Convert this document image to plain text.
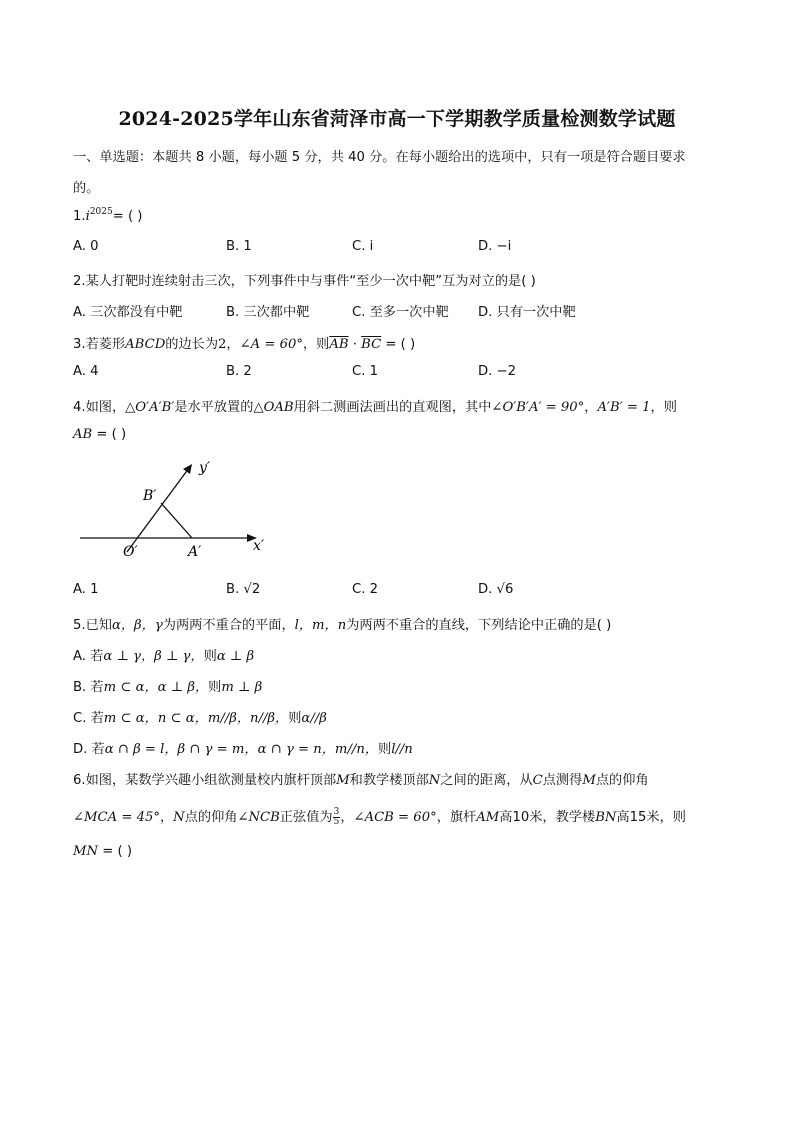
2024-2025学年山东省菏泽市高一下学期教学质量检测数学试题
一、单选题：本题共 8 小题，每小题 5 分，共 40 分。在每小题给出的选项中，只有一项是符合题目要求
的。
$1.i^{2025}=$ ( )
A. 0	B. 1	C. i	D. −i
2.某人打靶时连续射击三次，下列事件中与事件“至少一次中靶”互为对立的是( )
A. 三次都没有中靶	B. 三次都中靶	C. 至多一次中靶 D. 只有一次中靶
3.若菱形ABCD的边长为2，∠A = 60°，则$\overline{AB} \cdot \overline{BC}$ = ( )
A. 4	B. 2	C. 1	D. −2
4.如图，△O′A′B′是水平放置的△OAB用斜二测画法画出的直观图，其中∠O′B′A′ = 90°，A′B′ = 1，则
AB = ( )
y′
x′
B′
O′	A′
A. 1	B. √2	C. 2	D. √6
5.已知α，β，γ为两两不重合的平面，l，m，n为两两不重合的直线，下列结论中正确的是( )
A. 若α ⊥ γ，β ⊥ γ，则α ⊥ β
B. 若m ⊂ α，α ⊥ β，则m ⊥ β
C. 若m ⊂ α，n ⊂ α，m//β，n//β，则α//β
D. 若α ∩ β = l，β ∩ γ = m，α ∩ γ = n，m//n，则l//n
6.如图，某数学兴趣小组欲测量校内旗杆顶部M和教学楼顶部N之间的距离，从C点测得M点的仰角
∠MCA = 45°，N点的仰角∠NCB正弦值为 $\frac{3}{5}$ ，∠ACB = 60°，旗杆AM高10米，教学楼BN高15米，则
MN = ( )
